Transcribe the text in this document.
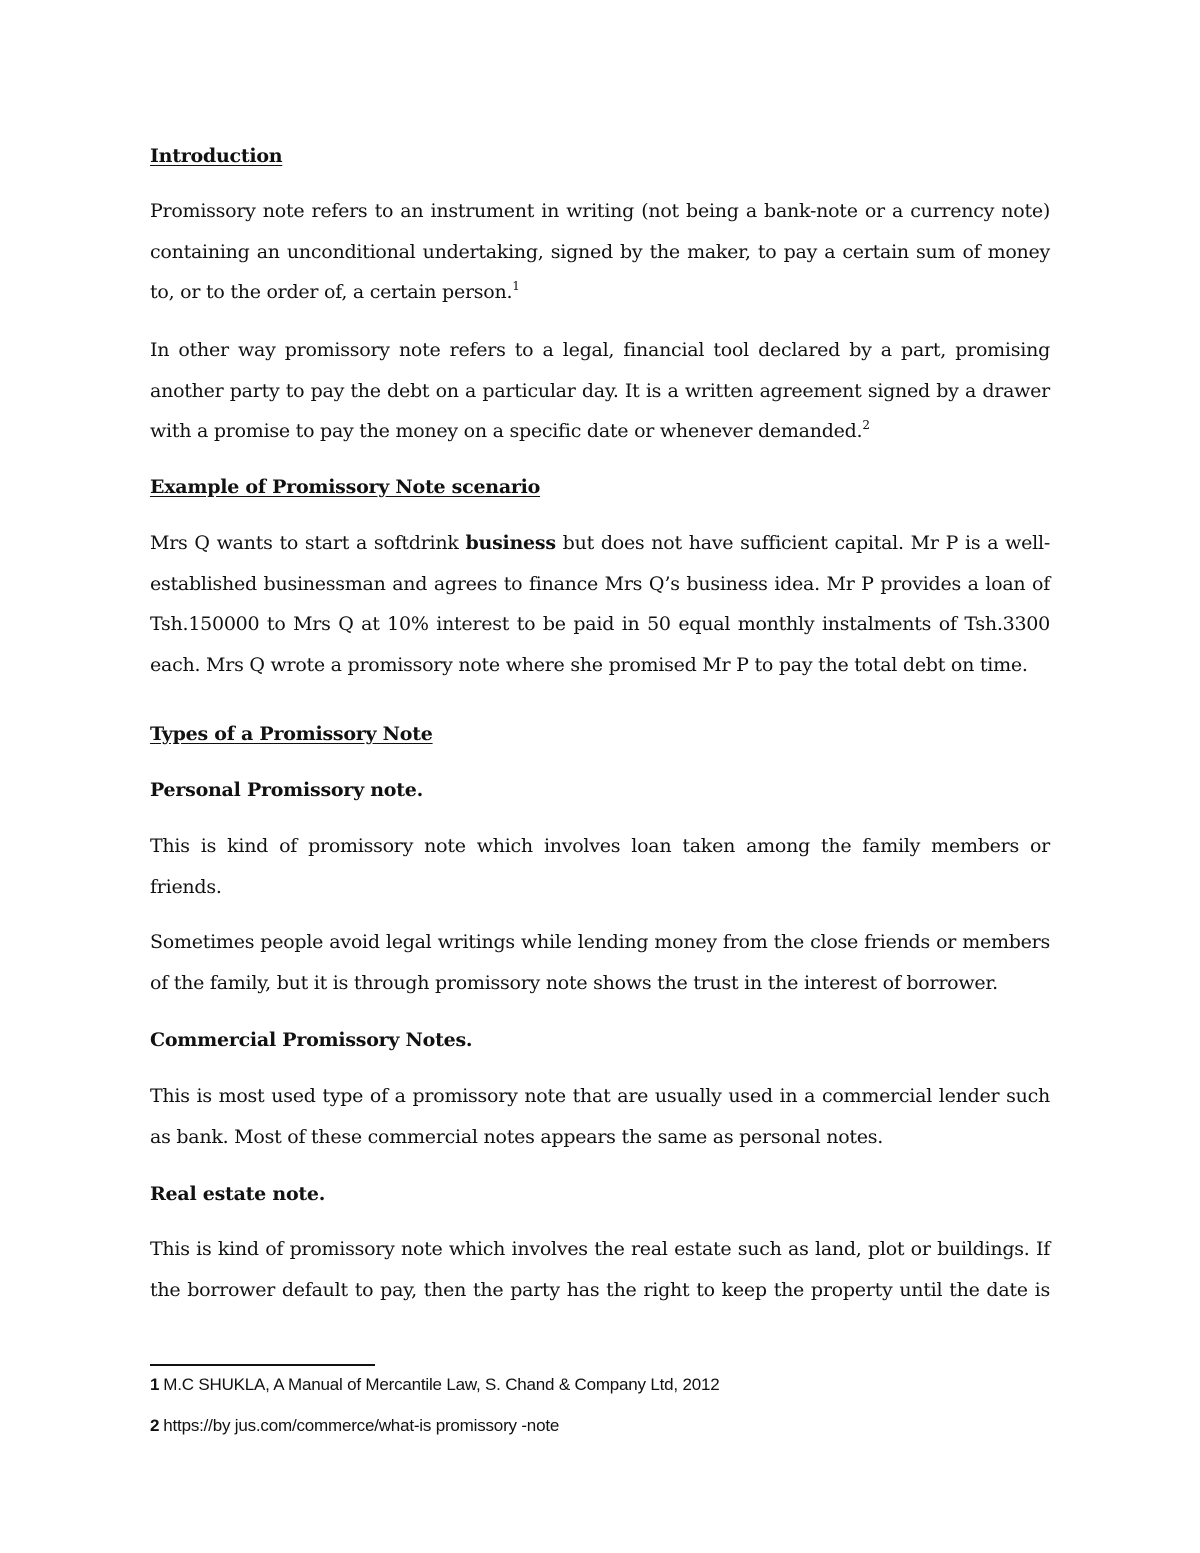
Introduction

Promissory note refers to an instrument in writing (not being a bank-note or a currency note) containing an unconditional undertaking, signed by the maker, to pay a certain sum of money to, or to the order of, a certain person.$^1$

In other way promissory note refers to a legal, financial tool declared by a part, promising another party to pay the debt on a particular day. It is a written agreement signed by a drawer with a promise to pay the money on a specific date or whenever demanded.$^2$

Example of Promissory Note scenario

Mrs Q wants to start a softdrink business but does not have sufficient capital. Mr P is a well-established businessman and agrees to finance Mrs Q’s business idea. Mr P provides a loan of Tsh.150000 to Mrs Q at 10% interest to be paid in 50 equal monthly instalments of Tsh.3300 each. Mrs Q wrote a promissory note where she promised Mr P to pay the total debt on time.

Types of a Promissory Note
Personal Promissory note.

This is kind of promissory note which involves loan taken among the family members or friends.

Sometimes people avoid legal writings while lending money from the close friends or members of the family, but it is through promissory note shows the trust in the interest of borrower.

Commercial Promissory Notes.

This is most used type of a promissory note that are usually used in a commercial lender such as bank. Most of these commercial notes appears the same as personal notes.

Real estate note.

This is kind of promissory note which involves the real estate such as land, plot or buildings. If the borrower default to pay, then the party has the right to keep the property until the date is

1 M.C SHUKLA, A Manual of Mercantile Law, S. Chand & Company Ltd, 2012

2 https://by jus.com/commerce/what-is promissory -note
